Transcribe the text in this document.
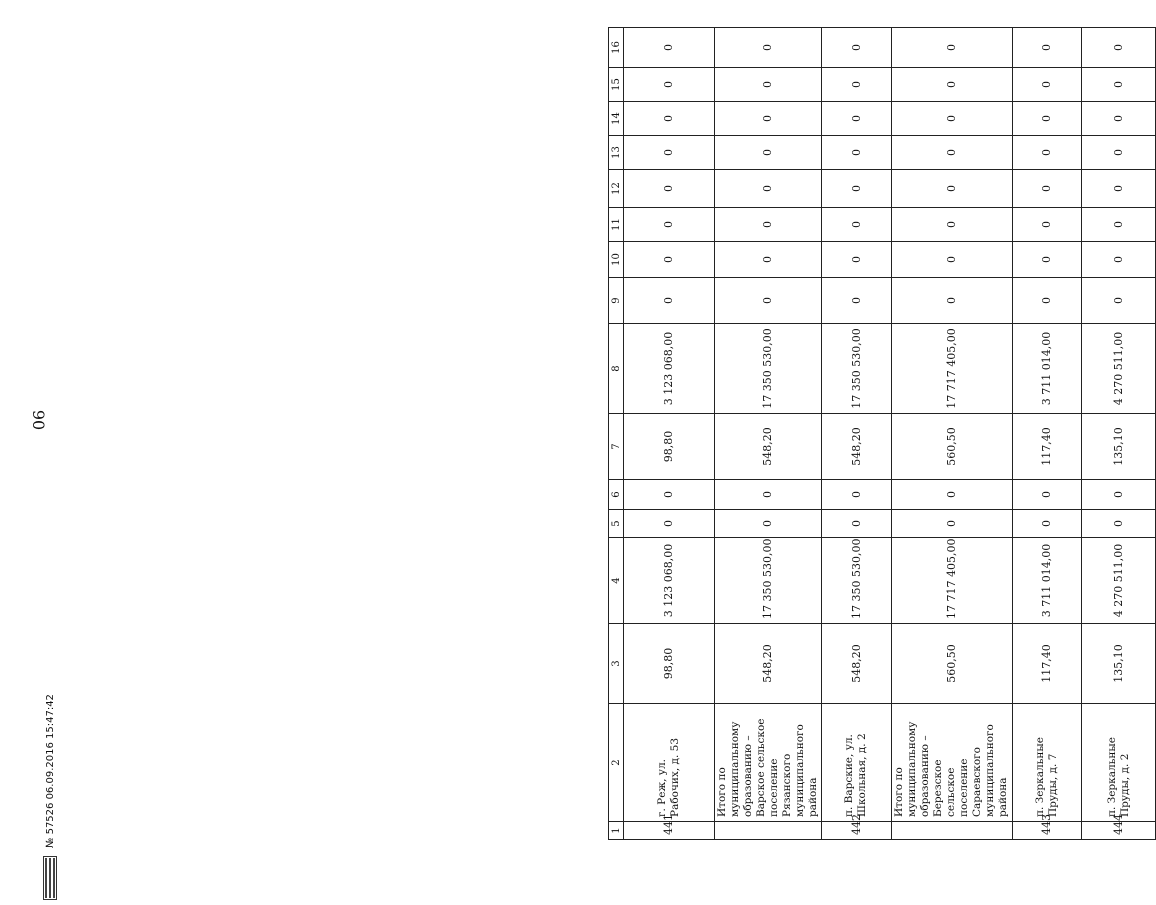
90
1	2	3	4	5	6	7	8	9	10	11	12	13	14	15	16
441	г. Реж, ул. Рабочих, д. 53	98,80	3 123 068,00	0	0	98,80	3 123 068,00	0	0	0	0	0	0	0	0
	Итого по муниципальному образованию – Варское сельское поселение Рязанского муниципального района	548,20	17 350 530,00	0	0	548,20	17 350 530,00	0	0	0	0	0	0	0	0
442	п. Варские, ул. Школьная, д. 2	548,20	17 350 530,00	0	0	548,20	17 350 530,00	0	0	0	0	0	0	0	0
	Итого по муниципальному образованию – Березское сельское поселение Сараевского муниципального района	560,50	17 717 405,00	0	0	560,50	17 717 405,00	0	0	0	0	0	0	0	0
443	п. Зеркальные Пруды, д. 7	117,40	3 711 014,00	0	0	117,40	3 711 014,00	0	0	0	0	0	0	0	0
444	п. Зеркальные Пруды, д. 2	135,10	4 270 511,00	0	0	135,10	4 270 511,00	0	0	0	0	0	0	0	0
№ 57526 06.09.2016 15:47:42
